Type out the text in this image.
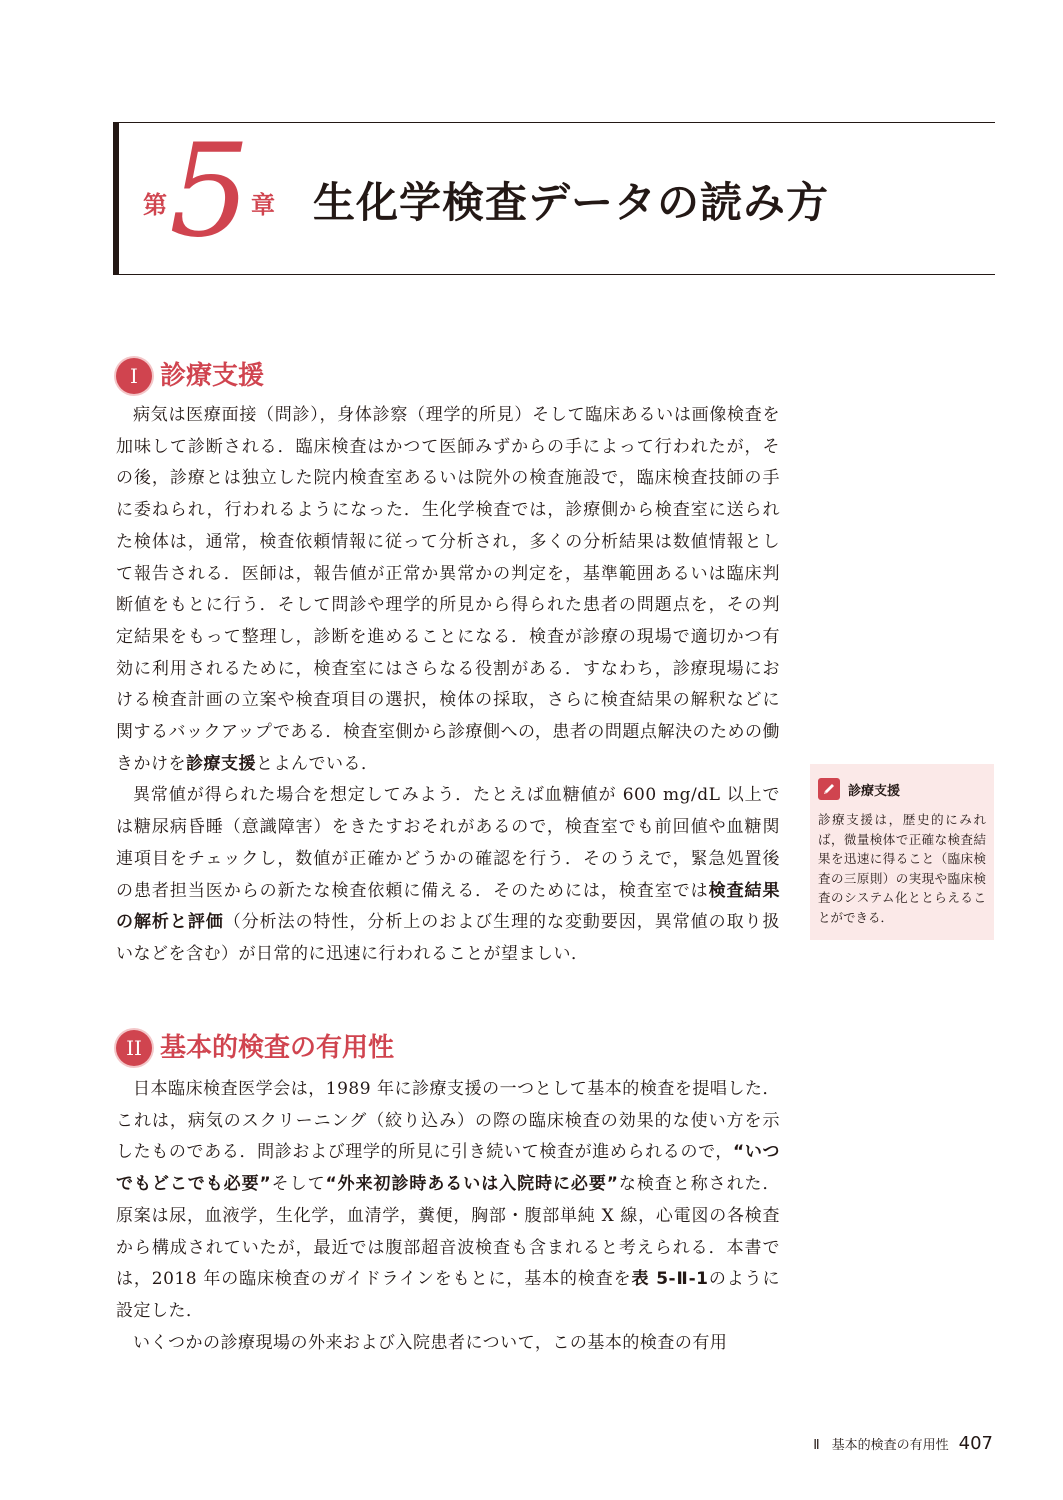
第 5 章 生化学検査データの読み方
I 診療支援

病気は医療面接（問診），身体診察（理学的所見）そして臨床あるいは画像検査を加味して診断される．臨床検査はかつて医師みずからの手によって行われたが，その後，診療とは独立した院内検査室あるいは院外の検査施設で，臨床検査技師の手に委ねられ，行われるようになった．生化学検査では，診療側から検査室に送られた検体は，通常，検査依頼情報に従って分析され，多くの分析結果は数値情報として報告される．医師は，報告値が正常か異常かの判定を，基準範囲あるいは臨床判断値をもとに行う．そして問診や理学的所見から得られた患者の問題点を，その判定結果をもって整理し，診断を進めることになる．検査が診療の現場で適切かつ有効に利用されるために，検査室にはさらなる役割がある．すなわち，診療現場における検査計画の立案や検査項目の選択，検体の採取，さらに検査結果の解釈などに関するバックアップである．検査室側から診療側への，患者の問題点解決のための働きかけを診療支援とよんでいる．

異常値が得られた場合を想定してみよう．たとえば血糖値が 600 mg/dL 以上では糖尿病昏睡（意識障害）をきたすおそれがあるので，検査室でも前回値や血糖関連項目をチェックし，数値が正確かどうかの確認を行う．そのうえで，緊急処置後の患者担当医からの新たな検査依頼に備える．そのためには，検査室では検査結果の解析と評価（分析法の特性，分析上のおよび生理的な変動要因，異常値の取り扱いなどを含む）が日常的に迅速に行われることが望ましい．

診療支援
診療支援は，歴史的にみれば，微量検体で正確な検査結果を迅速に得ること（臨床検査の三原則）の実現や臨床検査のシステム化ととらえることができる．
II 基本的検査の有用性

日本臨床検査医学会は，1989 年に診療支援の一つとして基本的検査を提唱した．これは，病気のスクリーニング（絞り込み）の際の臨床検査の効果的な使い方を示したものである．問診および理学的所見に引き続いて検査が進められるので，“いつでもどこでも必要”そして“外来初診時あるいは入院時に必要”な検査と称された．原案は尿，血液学，生化学，血清学，糞便，胸部・腹部単純 X 線，心電図の各検査から構成されていたが，最近では腹部超音波検査も含まれると考えられる．本書では，2018 年の臨床検査のガイドラインをもとに，基本的検査を表 5-Ⅱ-1のように設定した．

いくつかの診療現場の外来および入院患者について，この基本的検査の有用

Ⅱ 基本的検査の有用性 407
